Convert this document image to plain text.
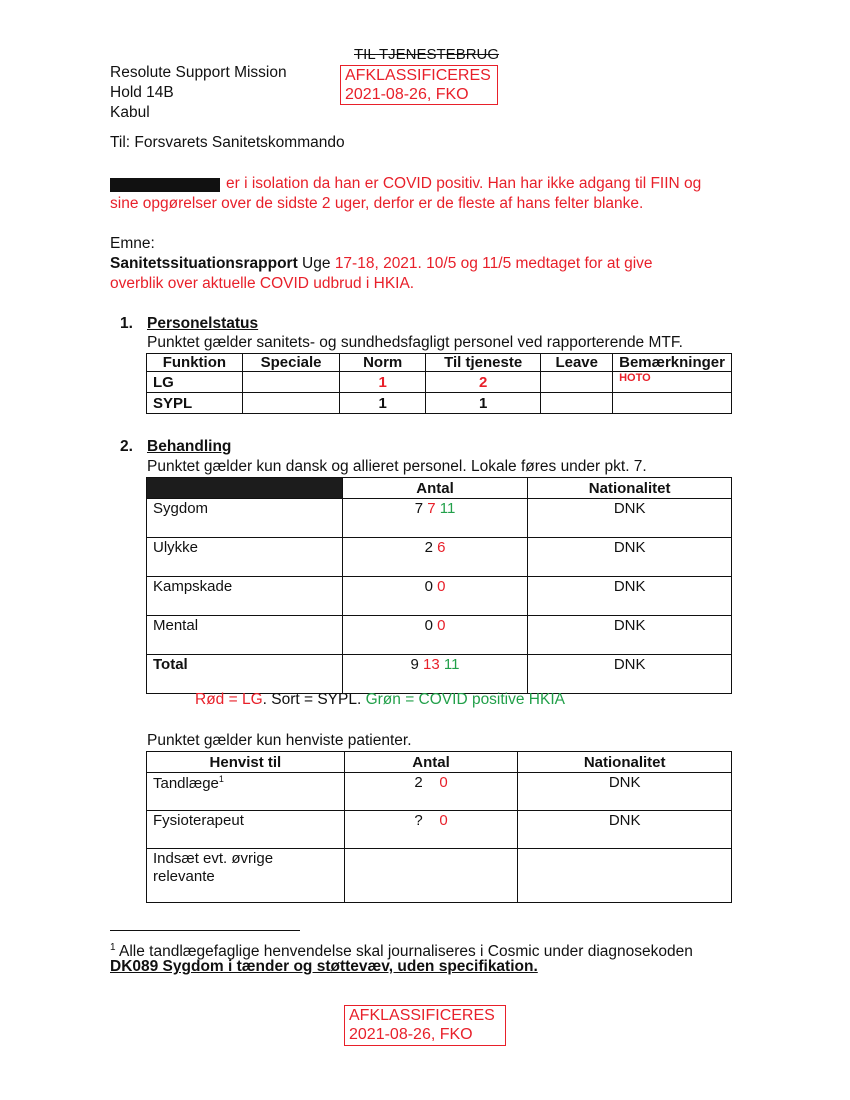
TIL TJENESTEBRUG
AFKLASSIFICERES
2021-08-26, FKO
Resolute Support Mission
Hold 14B
Kabul
Til: Forsvarets Sanitetskommando
er i isolation da han er COVID positiv. Han har ikke adgang til FIIN og
sine opgørelser over de sidste 2 uger, derfor er de fleste af hans felter blanke.
Emne:
Sanitetssituationsrapport Uge 17-18, 2021. 10/5 og 11/5 medtaget for at give
overblik over aktuelle COVID udbrud i HKIA.
1. Personelstatus
Punktet gælder sanitets- og sundhedsfagligt personel ved rapporterende MTF.
Funktion	Speciale	Norm	Til tjeneste	Leave	Bemærkninger
LG		1	2		HOTO
SYPL		1	1		
2. Behandling
Punktet gælder kun dansk og allieret personel. Lokale føres under pkt. 7.
	Antal	Nationalitet
Sygdom	7 7 11	DNK
Ulykke	2 6	DNK
Kampskade	0 0	DNK
Mental	0 0	DNK
Total	9 13 11	DNK
Rød = LG. Sort = SYPL. Grøn = COVID positive HKIA
Punktet gælder kun henviste patienter.
Henvist til	Antal	Nationalitet
Tandlæge$^1$	2 0	DNK
Fysioterapeut	? 0	DNK
Indsæt evt. øvrige relevante		
$^1$ Alle tandlægefaglige henvendelse skal journaliseres i Cosmic under diagnosekoden
DK089 Sygdom i tænder og støttevæv, uden specifikation.
AFKLASSIFICERES
2021-08-26, FKO
